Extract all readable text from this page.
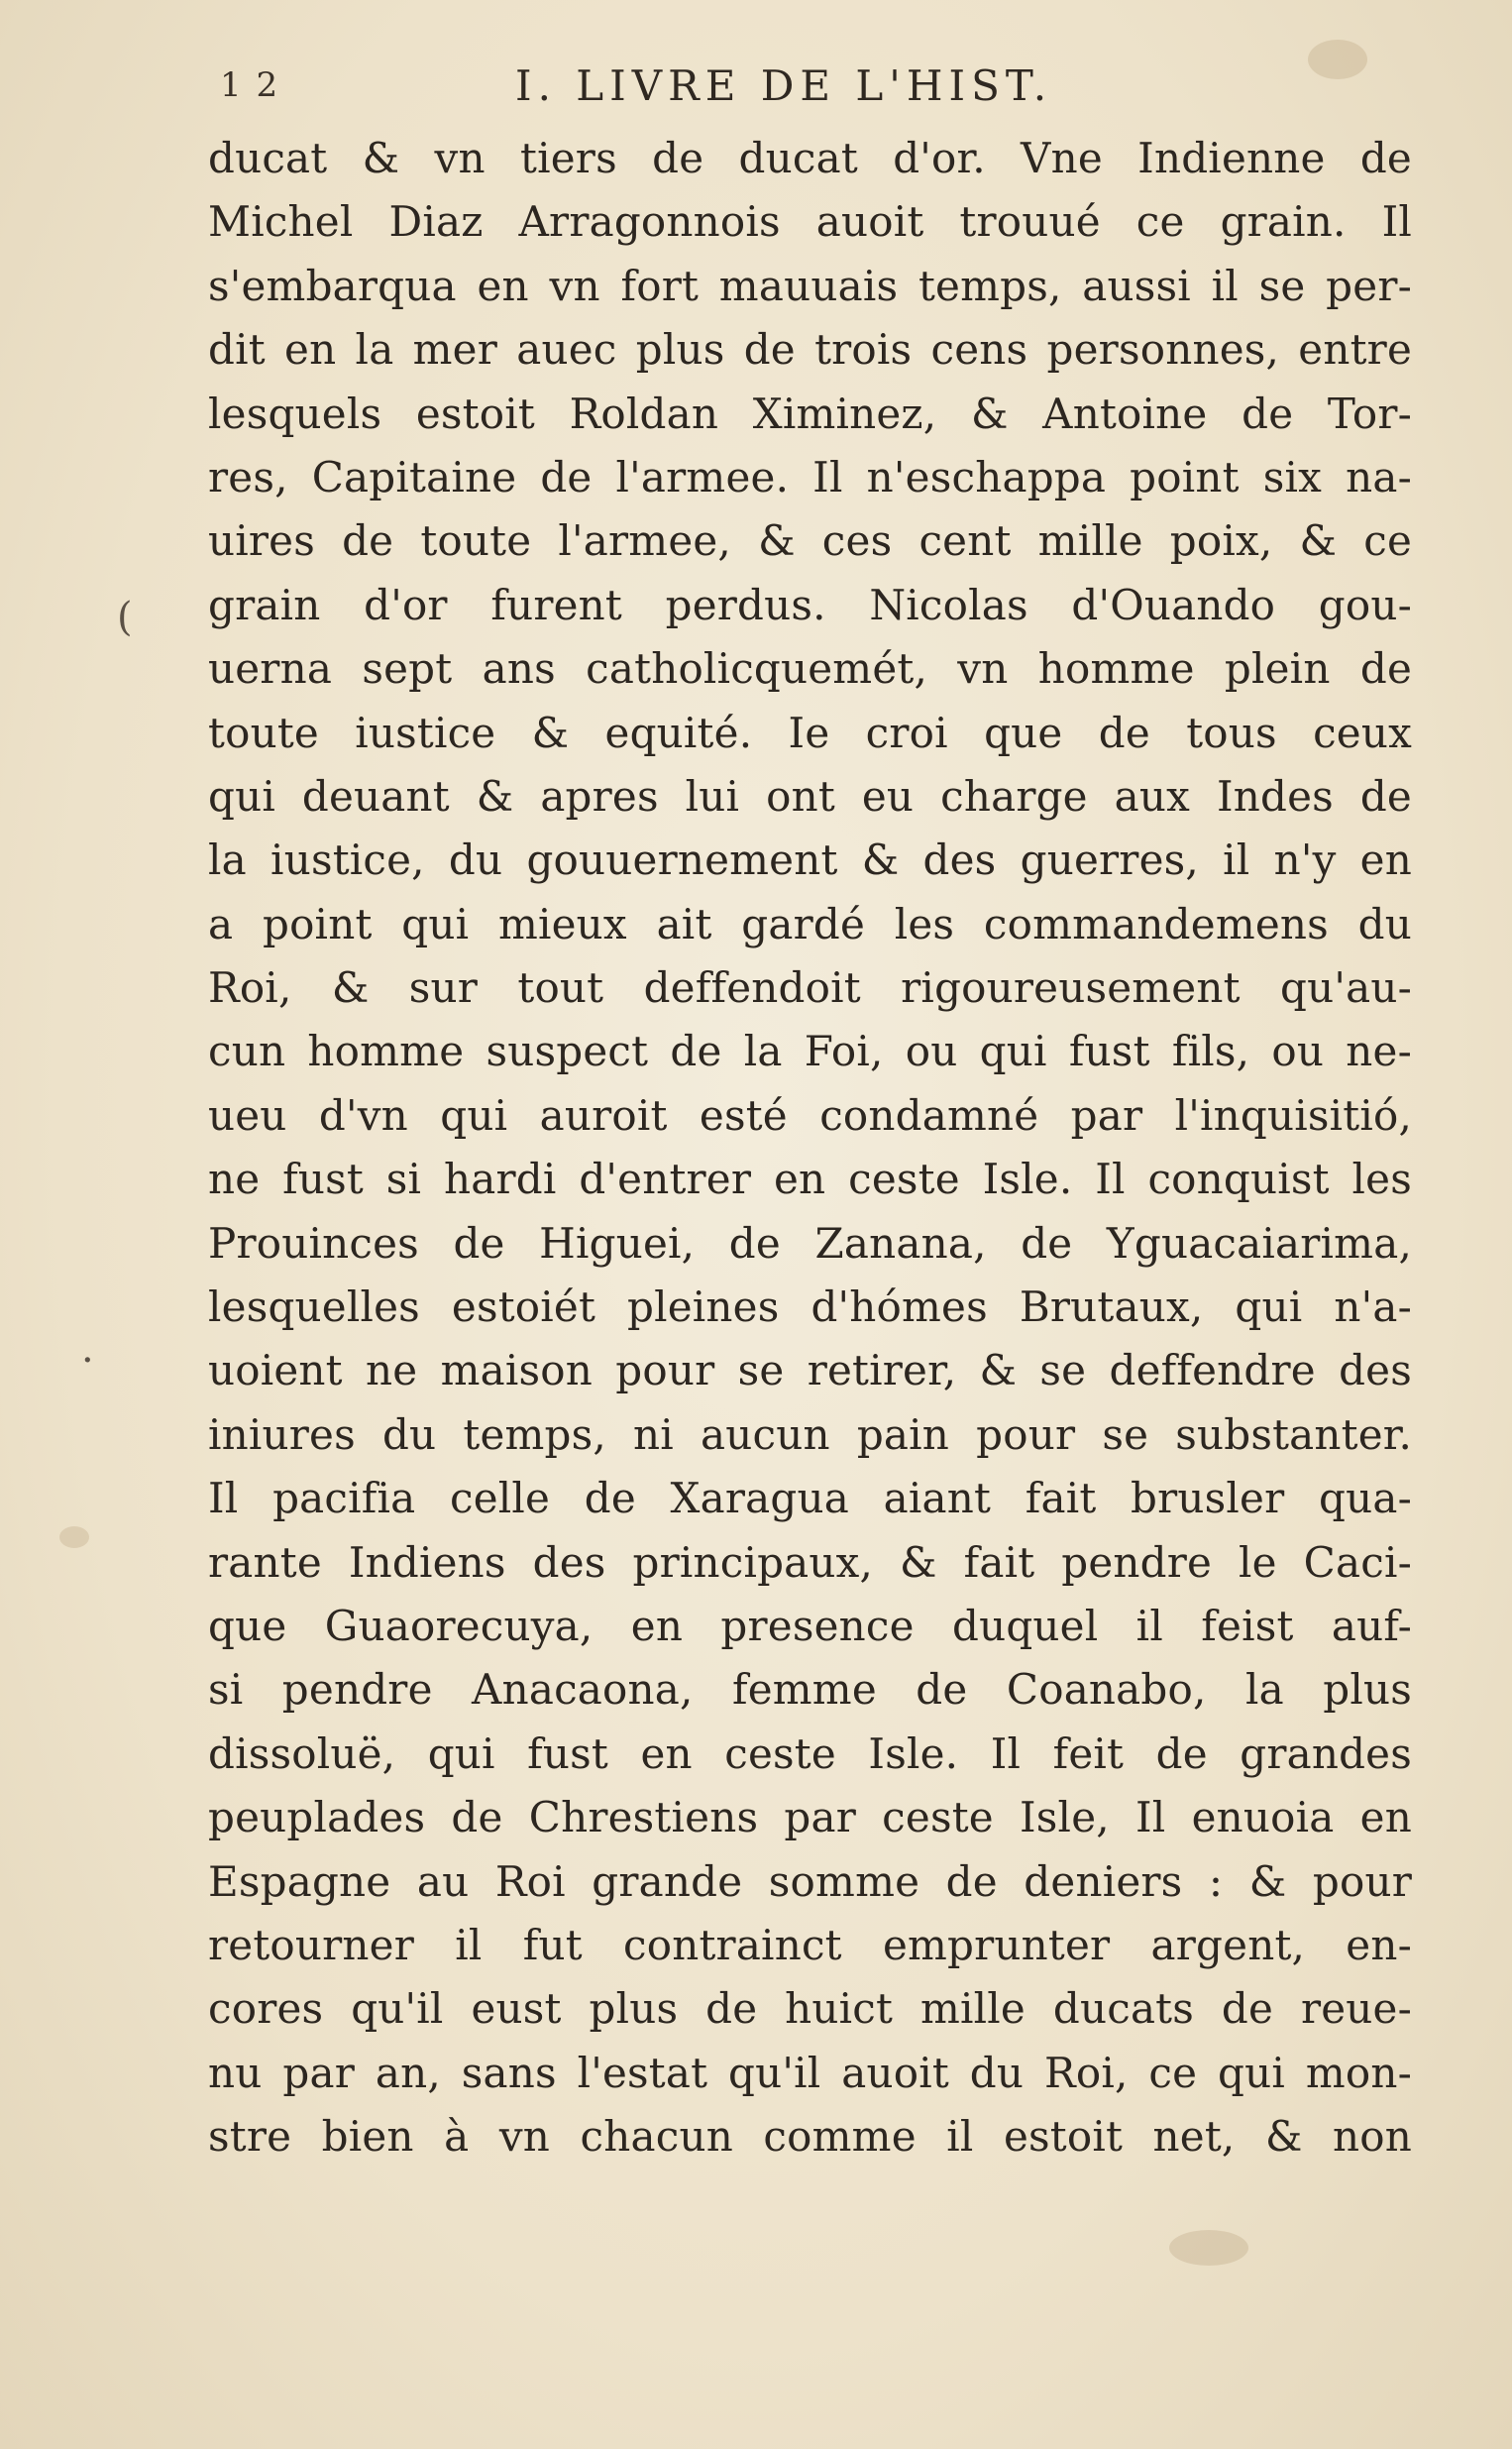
1 2	I. LIVRE DE L'HIST.
(
·
ducat & vn tiers de ducat d'or. Vne Indienne de
Michel Diaz Arragonnois auoit trouué ce grain. Il
s'embarqua en vn fort mauuais temps, aussi il se per-
dit en la mer auec plus de trois cens personnes, entre
lesquels estoit Roldan Ximinez, & Antoine de Tor-
res, Capitaine de l'armee. Il n'eschappa point six na-
uires de toute l'armee, & ces cent mille poix, & ce
grain d'or furent perdus. Nicolas d'Ouando gou-
uerna sept ans catholicquemét, vn homme plein de
toute iustice & equité. Ie croi que de tous ceux
qui deuant & apres lui ont eu charge aux Indes de
la iustice, du gouuernement & des guerres, il n'y en
a point qui mieux ait gardé les commandemens du
Roi, & sur tout deffendoit rigoureusement qu'au-
cun homme suspect de la Foi, ou qui fust fils, ou ne-
ueu d'vn qui auroit esté condamné par l'inquisitió,
ne fust si hardi d'entrer en ceste Isle. Il conquist les
Prouinces de Higuei, de Zanana, de Yguacaiarima,
lesquelles estoiét pleines d'hómes Brutaux, qui n'a-
uoient ne maison pour se retirer, & se deffendre des
iniures du temps, ni aucun pain pour se substanter.
Il pacifia celle de Xaragua aiant fait brusler qua-
rante Indiens des principaux, & fait pendre le Caci-
que Guaorecuya, en presence duquel il feist auf-
si pendre Anacaona, femme de Coanabo, la plus
dissoluë, qui fust en ceste Isle. Il feit de grandes
peuplades de Chrestiens par ceste Isle, Il enuoia en
Espagne au Roi grande somme de deniers : & pour
retourner il fut contrainct emprunter argent, en-
cores qu'il eust plus de huict mille ducats de reue-
nu par an, sans l'estat qu'il auoit du Roi, ce qui mon-
stre bien à vn chacun comme il estoit net, & non
